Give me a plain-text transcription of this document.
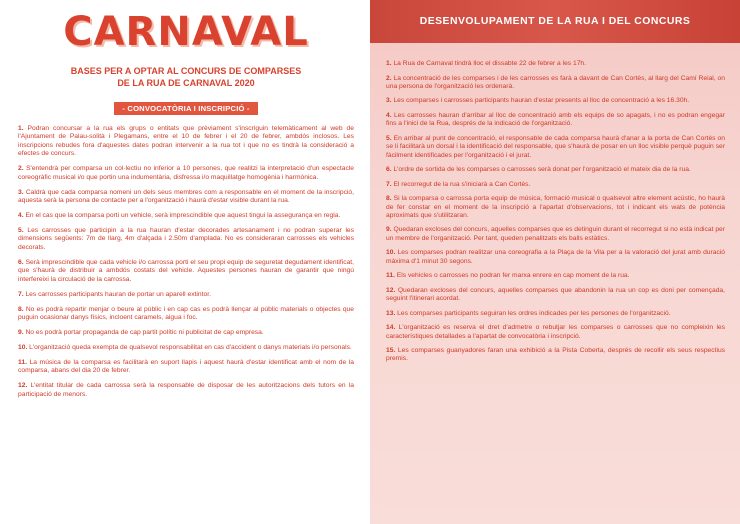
CARNAVAL
BASES PER A OPTAR AL CONCURS DE COMPARSES
DE LA RUA DE CARNAVAL 2020
- CONVOCATÒRIA I INSCRIPCIÓ -

1. Podran concursar a la rua els grups o entitats que prèviament s'inscriguin telemàticament al web de l'Ajuntament de Palau-solità i Plegamans, entre el 10 de febrer i el 20 de febrer, ambdós inclosos. Les inscripcions rebudes fora d'aquestes dates podran intervenir a la rua tot i que no es tindrà la consideració a efectes de concurs.

2. S'entendrà per comparsa un col·lectiu no inferior a 10 persones, que realitzi la interpretació d'un espectacle coreogràfic musical i/o que portin una indumentària, disfressa i/o maquillatge homogènia i harmònica.

3. Caldrà que cada comparsa nomeni un dels seus membres com a responsable en el moment de la inscripció, aquesta serà la persona de contacte per a l'organització i haurà d'estar visible durant la rua.

4. En el cas que la comparsa porti un vehicle, serà imprescindible que aquest tingui la assegurança en regla.

5. Les carrosses que participin a la rua hauran d'estar decorades artesanament i no podran superar les dimensions següents: 7m de llarg, 4m d'alçada i 2.50m d'amplada. No es consideraran carrosses els vehicles decorats.

6. Serà imprescindible que cada vehicle i/o carrossa porti el seu propi equip de seguretat degudament identificat, que s'haurà de distribuir a ambdós costats del vehicle. Aquestes persones hauran de garantir que ningú interfereixi la circulació de la carrossa.

7. Les carrosses participants hauran de portar un aparell extintor.

8. No es podrà repartir menjar o beure al públic i en cap cas es podrà llençar al públic materials o objectes que puguin ocasionar danys físics, incloent caramels, aigua i foc.

9. No es podrà portar propaganda de cap partit polític ni publicitat de cap empresa.

10. L'organització queda exempta de qualsevol responsabilitat en cas d'accident o danys materials i/o personals.

11. La música de la comparsa es facilitarà en suport llapis i aquest haurà d'estar identificat amb el nom de la comparsa, abans del dia 20 de febrer.

12. L'entitat titular de cada carrossa serà la responsable de disposar de les autoritzacions dels tutors en la participació de menors.

DESENVOLUPAMENT DE LA RUA I DEL CONCURS

1. La Rua de Carnaval tindrà lloc el dissabte 22 de febrer a les 17h.

2. La concentració de les comparses i de les carrosses es farà a davant de Can Cortès, al llarg del Camí Reial, on una persona de l'organització les ordenarà.

3. Les comparses i carrosses participants hauran d'estar presents al lloc de concentració a les 16.30h.

4. Les carrosses hauran d'arribar al lloc de concentració amb els equips de so apagats, i no es podran engegar fins a l'inici de la Rua, després de la indicació de l'organització.

5. En arribar al punt de concentració, el responsable de cada comparsa haurà d'anar a la porta de Can Cortès on se li facilitarà un dorsal i la identificació del responsable, que s'haurà de posar en un lloc visible perquè puguin ser fàcilment identificades per l'organització i el jurat.

6. L'ordre de sortida de les comparses o carrosses serà donat per l'organització el mateix dia de la rua.

7. El recorregut de la rua s'iniciarà a Can Cortès.

8. Si la comparsa o carrossa porta equip de música, formació musical o qualsevol altre element acústic, ho haurà de fer constar en el moment de la inscripció a l'apartat d'observacions, tot i indicant els wats de potència aproximats que s'utilitzaran.

9. Quedaran excloses del concurs, aquelles comparses que es detinguin durant el recorregut si no està indicat per un membre de l'organització. Per tant, queden penalitzats els balls estàtics.

10. Les comparses podran realitzar una coreografia a la Plaça de la Vila per a la valoració del jurat amb duració màxima d'1 minut 30 segons.

11. Els vehicles o carrosses no podran fer marxa enrere en cap moment de la rua.

12. Quedaran excloses del concurs, aquelles comparses que abandonin la rua un cop es doni per començada, seguint l'itinerari acordat.

13. Les comparses participants seguiran les ordres indicades per les persones de l'organització.

14. L'organització es reserva el dret d'admetre o rebutjar les comparses o carrosses que no compleixin les característiques detallades a l'apartat de convocatòria i inscripció.

15. Les comparses guanyadores faran una exhibició a la Pista Coberta, després de recollir els seus respectius premis.
